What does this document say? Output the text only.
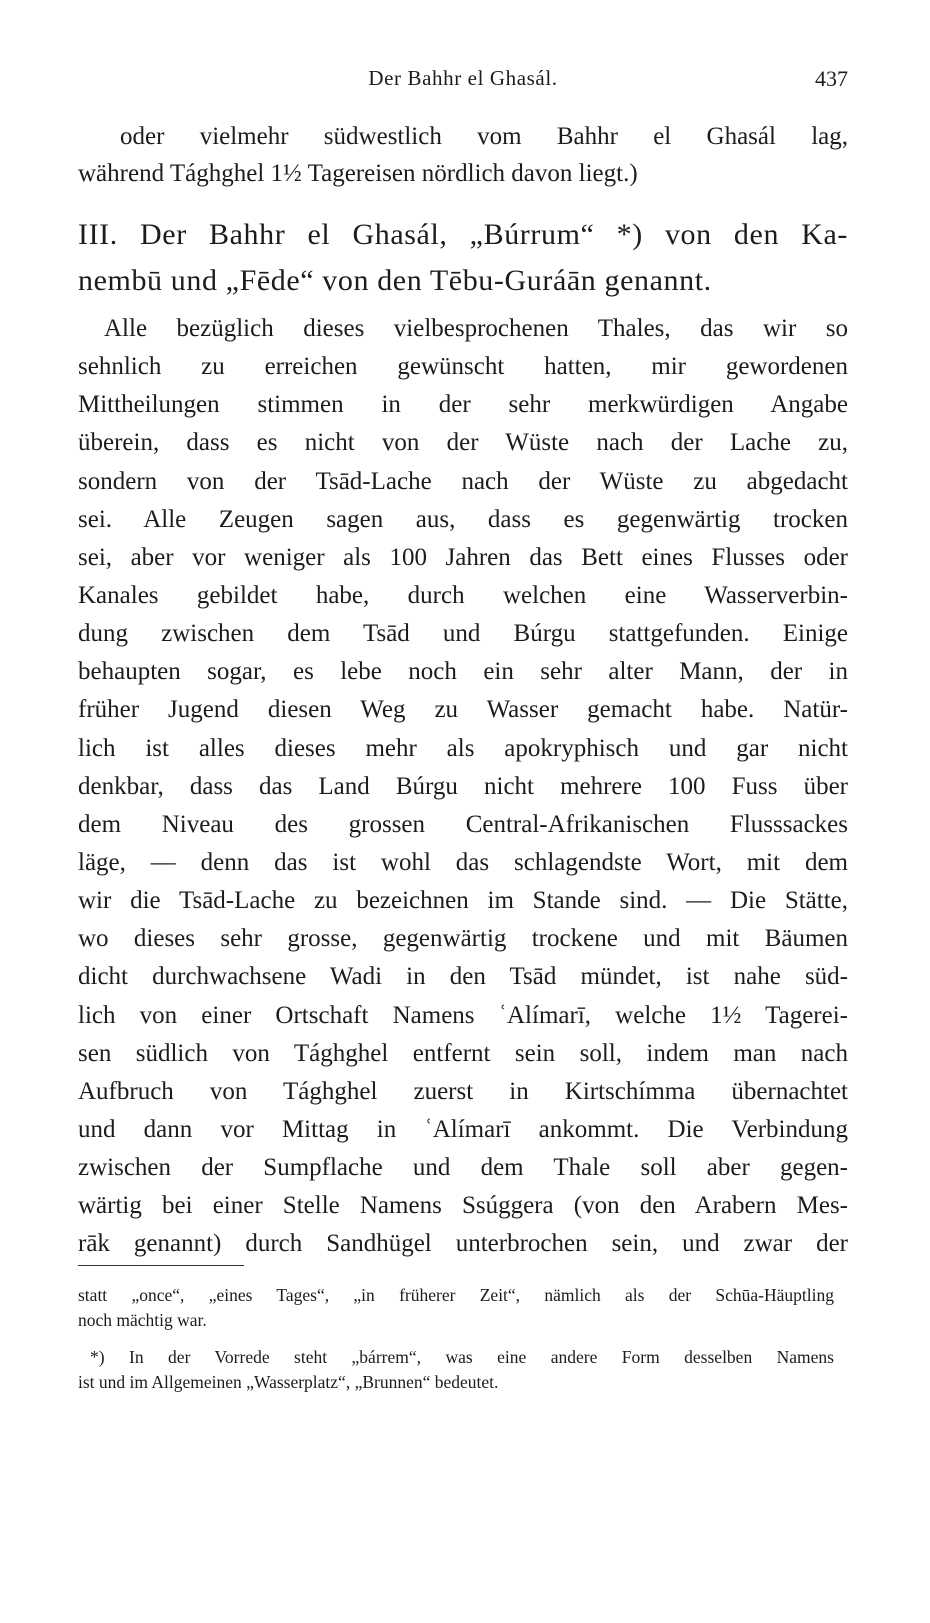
Der Bahhr el Ghasál.	437
oder vielmehr südwestlich vom Bahhr el Ghasál lag,
während Tághghel 1½ Tagereisen nördlich davon liegt.)
III. Der Bahhr el Ghasál, „Búrrum“ *) von den Ka-
nembū und „Fēde“ von den Tēbu-Guráān genannt.
Alle bezüglich dieses vielbesprochenen Thales, das wir so
sehnlich zu erreichen gewünscht hatten, mir gewordenen
Mittheilungen stimmen in der sehr merkwürdigen Angabe
überein, dass es nicht von der Wüste nach der Lache zu,
sondern von der Tsād-Lache nach der Wüste zu abgedacht
sei. Alle Zeugen sagen aus, dass es gegenwärtig trocken
sei, aber vor weniger als 100 Jahren das Bett eines Flusses oder
Kanales gebildet habe, durch welchen eine Wasserverbin-
dung zwischen dem Tsād und Búrgu stattgefunden. Einige
behaupten sogar, es lebe noch ein sehr alter Mann, der in
früher Jugend diesen Weg zu Wasser gemacht habe. Natür-
lich ist alles dieses mehr als apokryphisch und gar nicht
denkbar, dass das Land Búrgu nicht mehrere 100 Fuss über
dem Niveau des grossen Central-Afrikanischen Flusssackes
läge, — denn das ist wohl das schlagendste Wort, mit dem
wir die Tsād-Lache zu bezeichnen im Stande sind. — Die Stätte,
wo dieses sehr grosse, gegenwärtig trockene und mit Bäumen
dicht durchwachsene Wadi in den Tsād mündet, ist nahe süd-
lich von einer Ortschaft Namens ʿAlímarī, welche 1½ Tagerei-
sen südlich von Tághghel entfernt sein soll, indem man nach
Aufbruch von Tághghel zuerst in Kirtschímma übernachtet
und dann vor Mittag in ʿAlímarī ankommt. Die Verbindung
zwischen der Sumpflache und dem Thale soll aber gegen-
wärtig bei einer Stelle Namens Ssúggera (von den Arabern Mes-
rāk genannt) durch Sandhügel unterbrochen sein, und zwar der
statt „once“, „eines Tages“, „in früherer Zeit“, nämlich als der Schūa-Häuptling
noch mächtig war.
*) In der Vorrede steht „bárrem“, was eine andere Form desselben Namens
ist und im Allgemeinen „Wasserplatz“, „Brunnen“ bedeutet.
